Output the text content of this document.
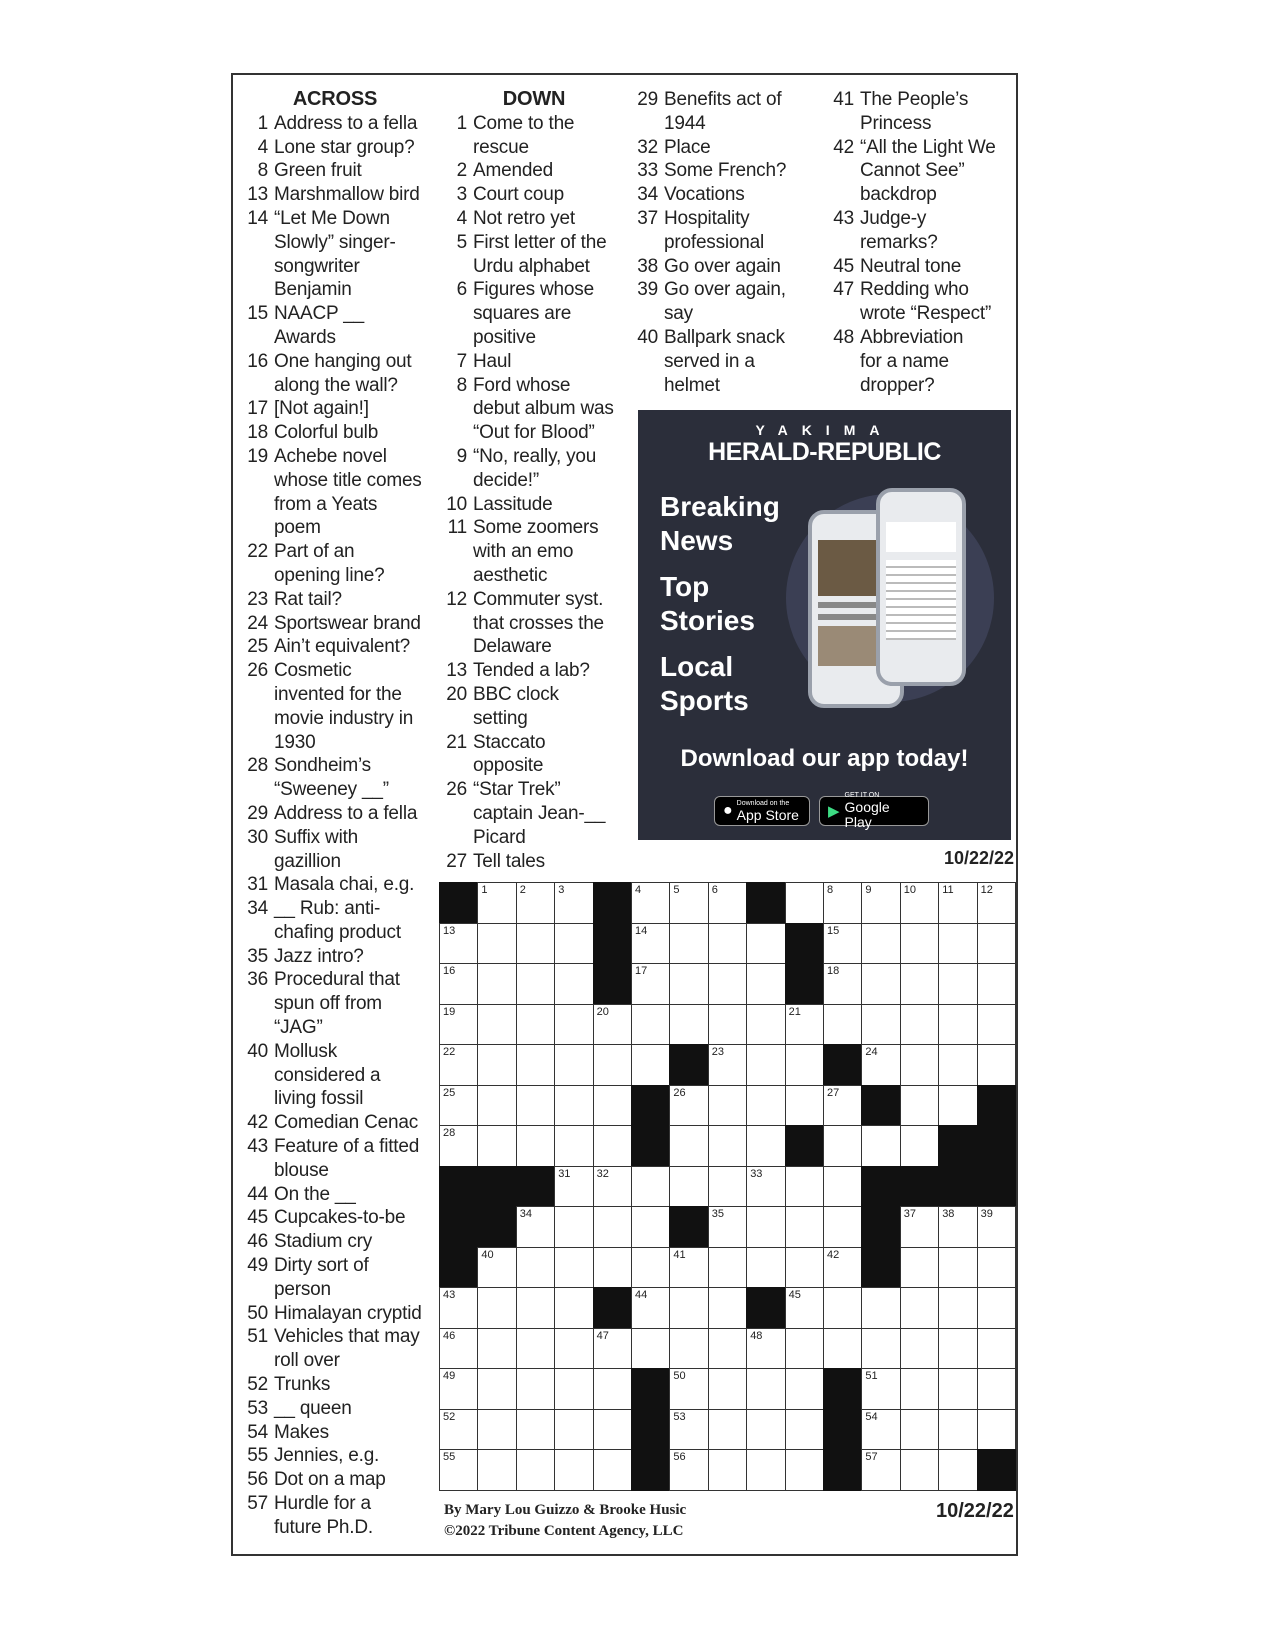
ACROSS
1 Address to a fella
4 Lone star group?
8 Green fruit
13 Marshmallow bird
14 “Let Me Down
Slowly” singer-
songwriter
Benjamin
15 NAACP __
Awards
16 One hanging out
along the wall?
17 [Not again!]
18 Colorful bulb
19 Achebe novel
whose title comes
from a Yeats
poem
22 Part of an
opening line?
23 Rat tail?
24 Sportswear brand
25 Ain’t equivalent?
26 Cosmetic
invented for the
movie industry in
1930
28 Sondheim’s
“Sweeney __”
29 Address to a fella
30 Suffix with
gazillion
31 Masala chai, e.g.
34 __ Rub: anti-
chafing product
35 Jazz intro?
36 Procedural that
spun off from
“JAG”
40 Mollusk
considered a
living fossil
42 Comedian Cenac
43 Feature of a fitted
blouse
44 On the __
45 Cupcakes-to-be
46 Stadium cry
49 Dirty sort of
person
50 Himalayan cryptid
51 Vehicles that may
roll over
52 Trunks
53 __ queen
54 Makes
55 Jennies, e.g.
56 Dot on a map
57 Hurdle for a
future Ph.D.
DOWN
1 Come to the
rescue
2 Amended
3 Court coup
4 Not retro yet
5 First letter of the
Urdu alphabet
6 Figures whose
squares are
positive
7 Haul
8 Ford whose
debut album was
“Out for Blood”
9 “No, really, you
decide!”
10 Lassitude
11 Some zoomers
with an emo
aesthetic
12 Commuter syst.
that crosses the
Delaware
13 Tended a lab?
20 BBC clock
setting
21 Staccato
opposite
26 “Star Trek”
captain Jean-__
Picard
27 Tell tales
29 Benefits act of
1944
32 Place
33 Some French?
34 Vocations
37 Hospitality
professional
38 Go over again
39 Go over again,
say
40 Ballpark snack
served in a
helmet
41 The People’s
Princess
42 “All the Light We
Cannot See”
backdrop
43 Judge-y
remarks?
45 Neutral tone
47 Redding who
wrote “Respect”
48 Abbreviation
for a name
dropper?
YAKIMA
HERALD-REPUBLIC
Breaking
News
Top
Stories
Local
Sports
Download our app today!
● Download on the
App Store ▶
GET IT ON
Google Play
10/22/22
1	2	3	4	5	6	8	9	10 11 12
13	14	15
16	17	18
19	20	21
22	23	24
25	26	27
28
31 32	33
34	35	37 38 39
40	41	42
43	44	45
46	47	48
49	50	51
52	53	54
55	56	57
By Mary Lou Guizzo & Brooke Husic
©2022 Tribune Content Agency, LLC
10/22/22
